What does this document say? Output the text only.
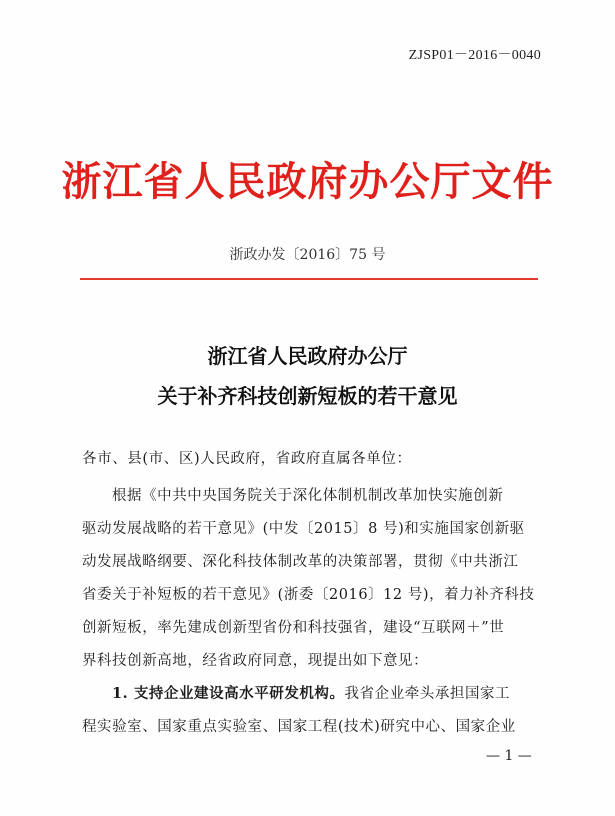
ZJSP01－2016－0040
浙江省人民政府办公厅文件
浙政办发〔2016〕75 号
浙江省人民政府办公厅
关于补齐科技创新短板的若干意见
各市、县(市、区)人民政府，省政府直属各单位：
根据《中共中央国务院关于深化体制机制改革加快实施创新
驱动发展战略的若干意见》(中发〔2015〕8 号)和实施国家创新驱
动发展战略纲要、深化科技体制改革的决策部署，贯彻《中共浙江
省委关于补短板的若干意见》(浙委〔2016〕12 号)，着力补齐科技
创新短板，率先建成创新型省份和科技强省，建设“互联网＋”世
界科技创新高地，经省政府同意，现提出如下意见：
1. 支持企业建设高水平研发机构。我省企业牵头承担国家工
程实验室、国家重点实验室、国家工程(技术)研究中心、国家企业
— 1 —
